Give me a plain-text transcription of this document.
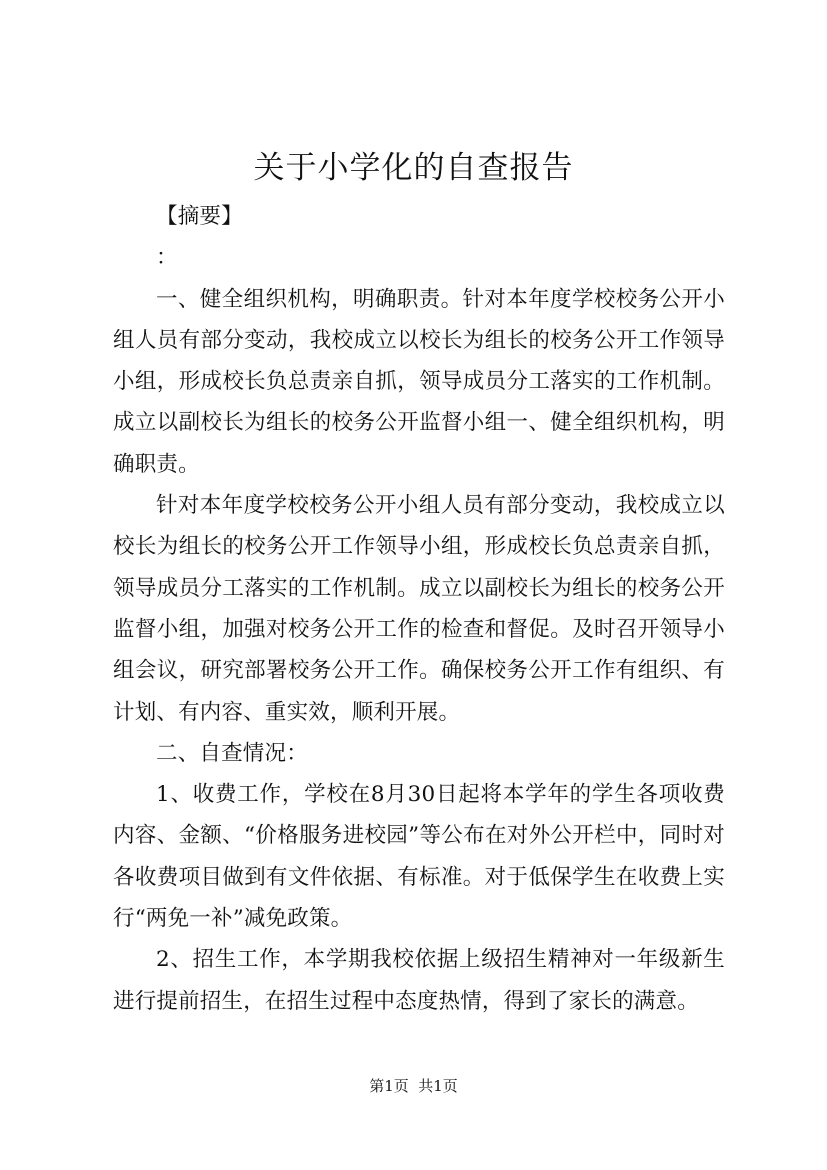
关于小学化的自查报告

【摘要】

：

一、健全组织机构，明确职责。针对本年度学校校务公开小组人员有部分变动，我校成立以校长为组长的校务公开工作领导小组，形成校长负总责亲自抓，领导成员分工落实的工作机制。成立以副校长为组长的校务公开监督小组一、健全组织机构，明确职责。

针对本年度学校校务公开小组人员有部分变动，我校成立以校长为组长的校务公开工作领导小组，形成校长负总责亲自抓，领导成员分工落实的工作机制。成立以副校长为组长的校务公开监督小组，加强对校务公开工作的检查和督促。及时召开领导小组会议，研究部署校务公开工作。确保校务公开工作有组织、有计划、有内容、重实效，顺利开展。

二、自查情况：

1、收费工作，学校在8月30日起将本学年的学生各项收费内容、金额、“价格服务进校园”等公布在对外公开栏中，同时对各收费项目做到有文件依据、有标准。对于低保学生在收费上实行“两免一补”减免政策。

2、招生工作，本学期我校依据上级招生精神对一年级新生进行提前招生，在招生过程中态度热情，得到了家长的满意。

第1页  共1页
